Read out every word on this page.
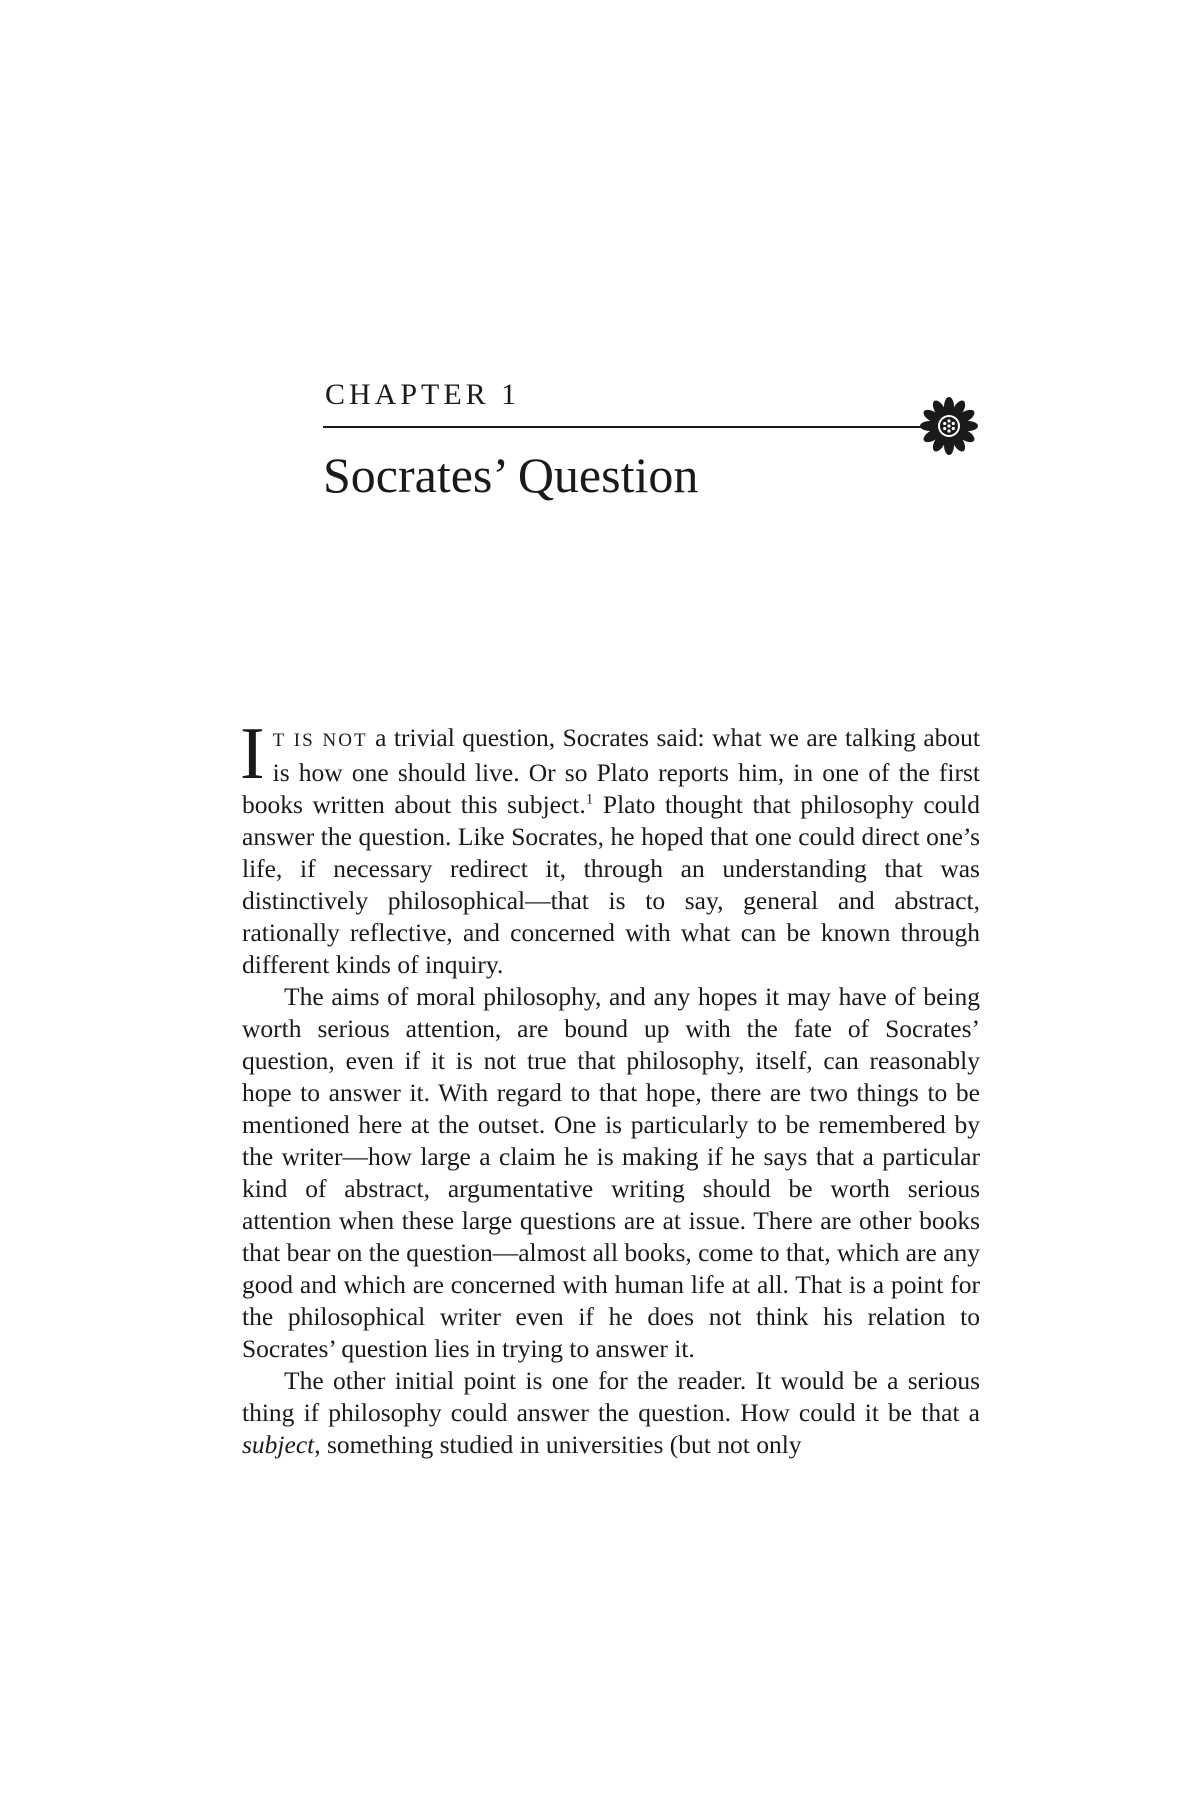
CHAPTER 1
Socrates’ Question

I T IS NOT a trivial question, Socrates said: what we are talking about is how one should live. Or so Plato reports him, in one of the first books written about this subject.$^1$ Plato thought that philosophy could answer the question. Like Socrates, he hoped that one could direct one’s life, if necessary redirect it, through an understanding that was distinctively philosophical—that is to say, general and abstract, rationally reflective, and concerned with what can be known through different kinds of inquiry.

The aims of moral philosophy, and any hopes it may have of being worth serious attention, are bound up with the fate of Socrates’ question, even if it is not true that philosophy, itself, can reasonably hope to answer it. With regard to that hope, there are two things to be mentioned here at the outset. One is particularly to be remembered by the writer—how large a claim he is making if he says that a particular kind of abstract, argumentative writing should be worth serious attention when these large questions are at issue. There are other books that bear on the question—almost all books, come to that, which are any good and which are concerned with human life at all. That is a point for the philosophical writer even if he does not think his relation to Socrates’ question lies in trying to answer it.

The other initial point is one for the reader. It would be a serious thing if philosophy could answer the question. How could it be that a subject, something studied in universities (but not only
